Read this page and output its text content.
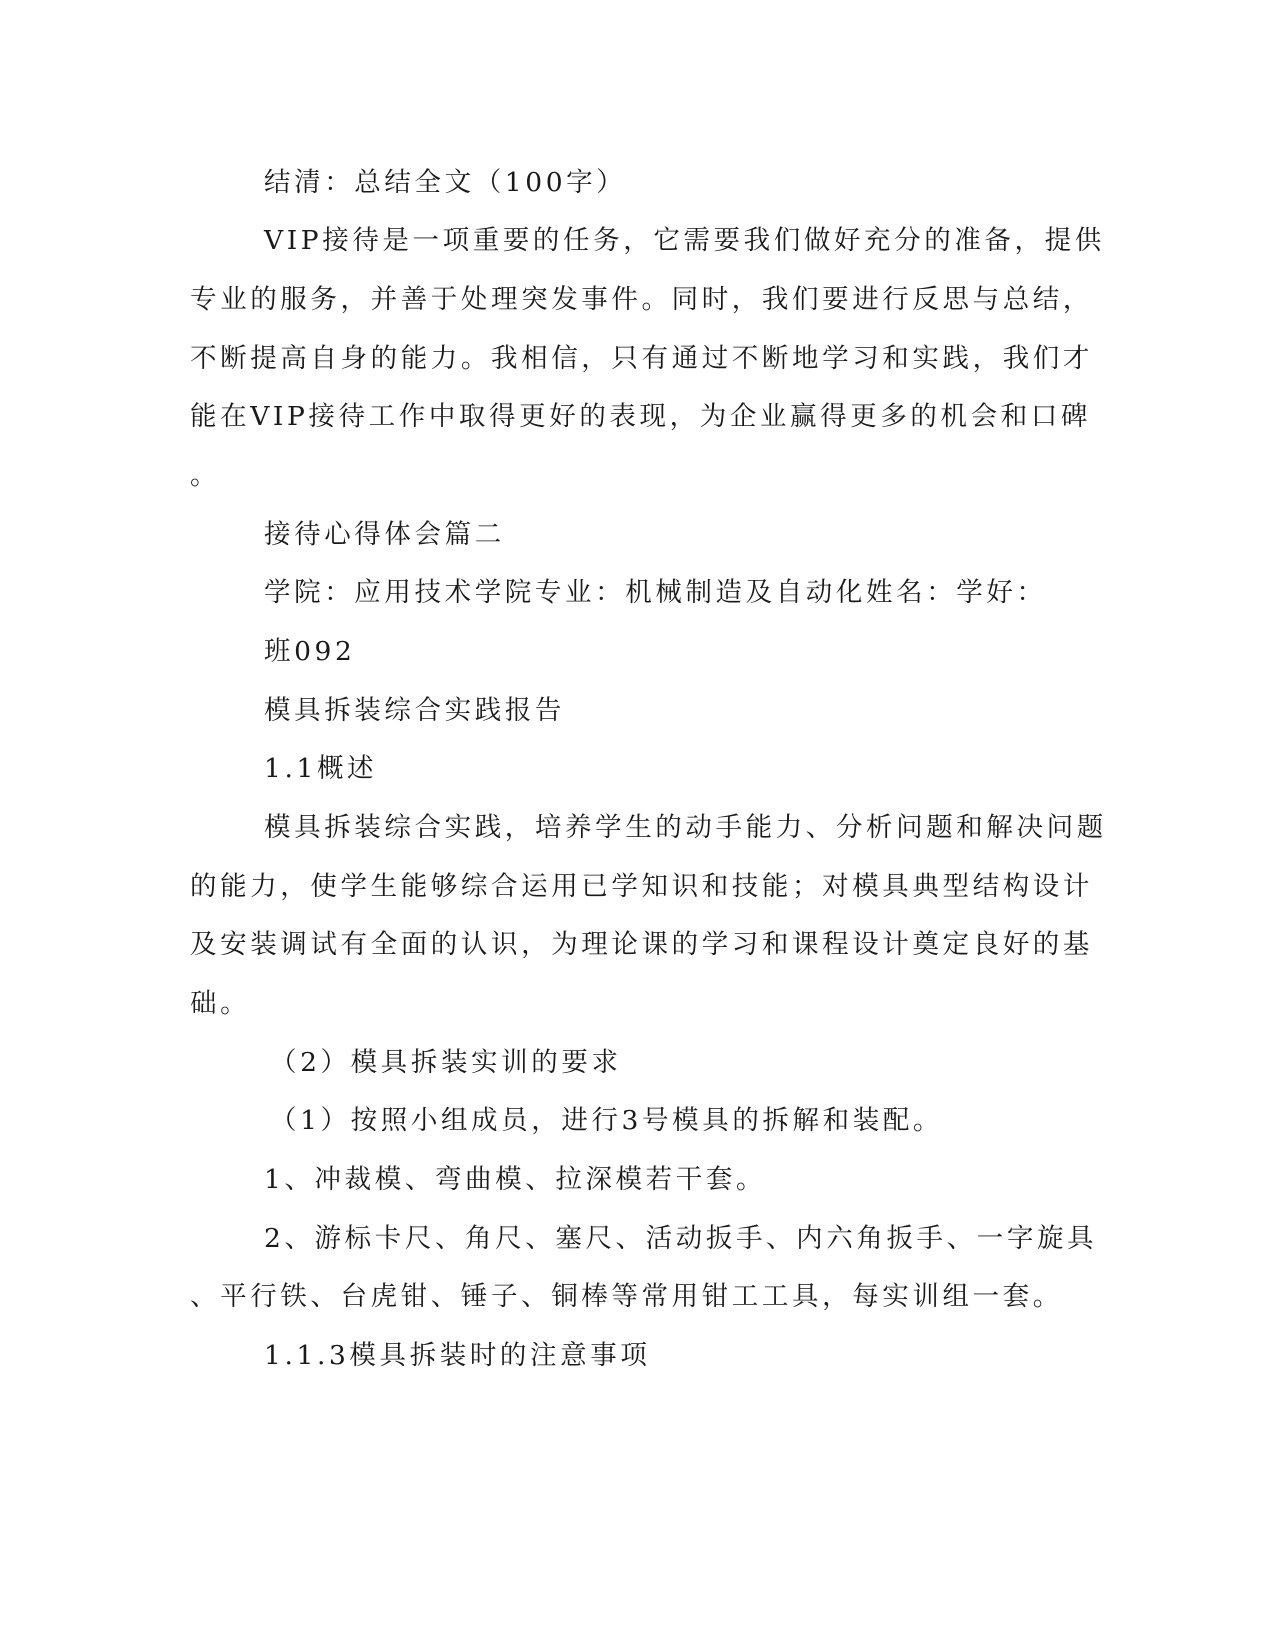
结清：总结全文（100字）

VIP接待是一项重要的任务，它需要我们做好充分的准备，提供

专业的服务，并善于处理突发事件。同时，我们要进行反思与总结，

不断提高自身的能力。我相信，只有通过不断地学习和实践，我们才

能在VIP接待工作中取得更好的表现，为企业赢得更多的机会和口碑

。

接待心得体会篇二

学院：应用技术学院专业：机械制造及自动化姓名：学好：

班092

模具拆装综合实践报告

1.1概述

模具拆装综合实践，培养学生的动手能力、分析问题和解决问题

的能力，使学生能够综合运用已学知识和技能；对模具典型结构设计

及安装调试有全面的认识，为理论课的学习和课程设计奠定良好的基

础。

（2）模具拆装实训的要求

（1）按照小组成员，进行3号模具的拆解和装配。

1、冲裁模、弯曲模、拉深模若干套。

2、游标卡尺、角尺、塞尺、活动扳手、内六角扳手、一字旋具

、平行铁、台虎钳、锤子、铜棒等常用钳工工具，每实训组一套。

1.1.3模具拆装时的注意事项
